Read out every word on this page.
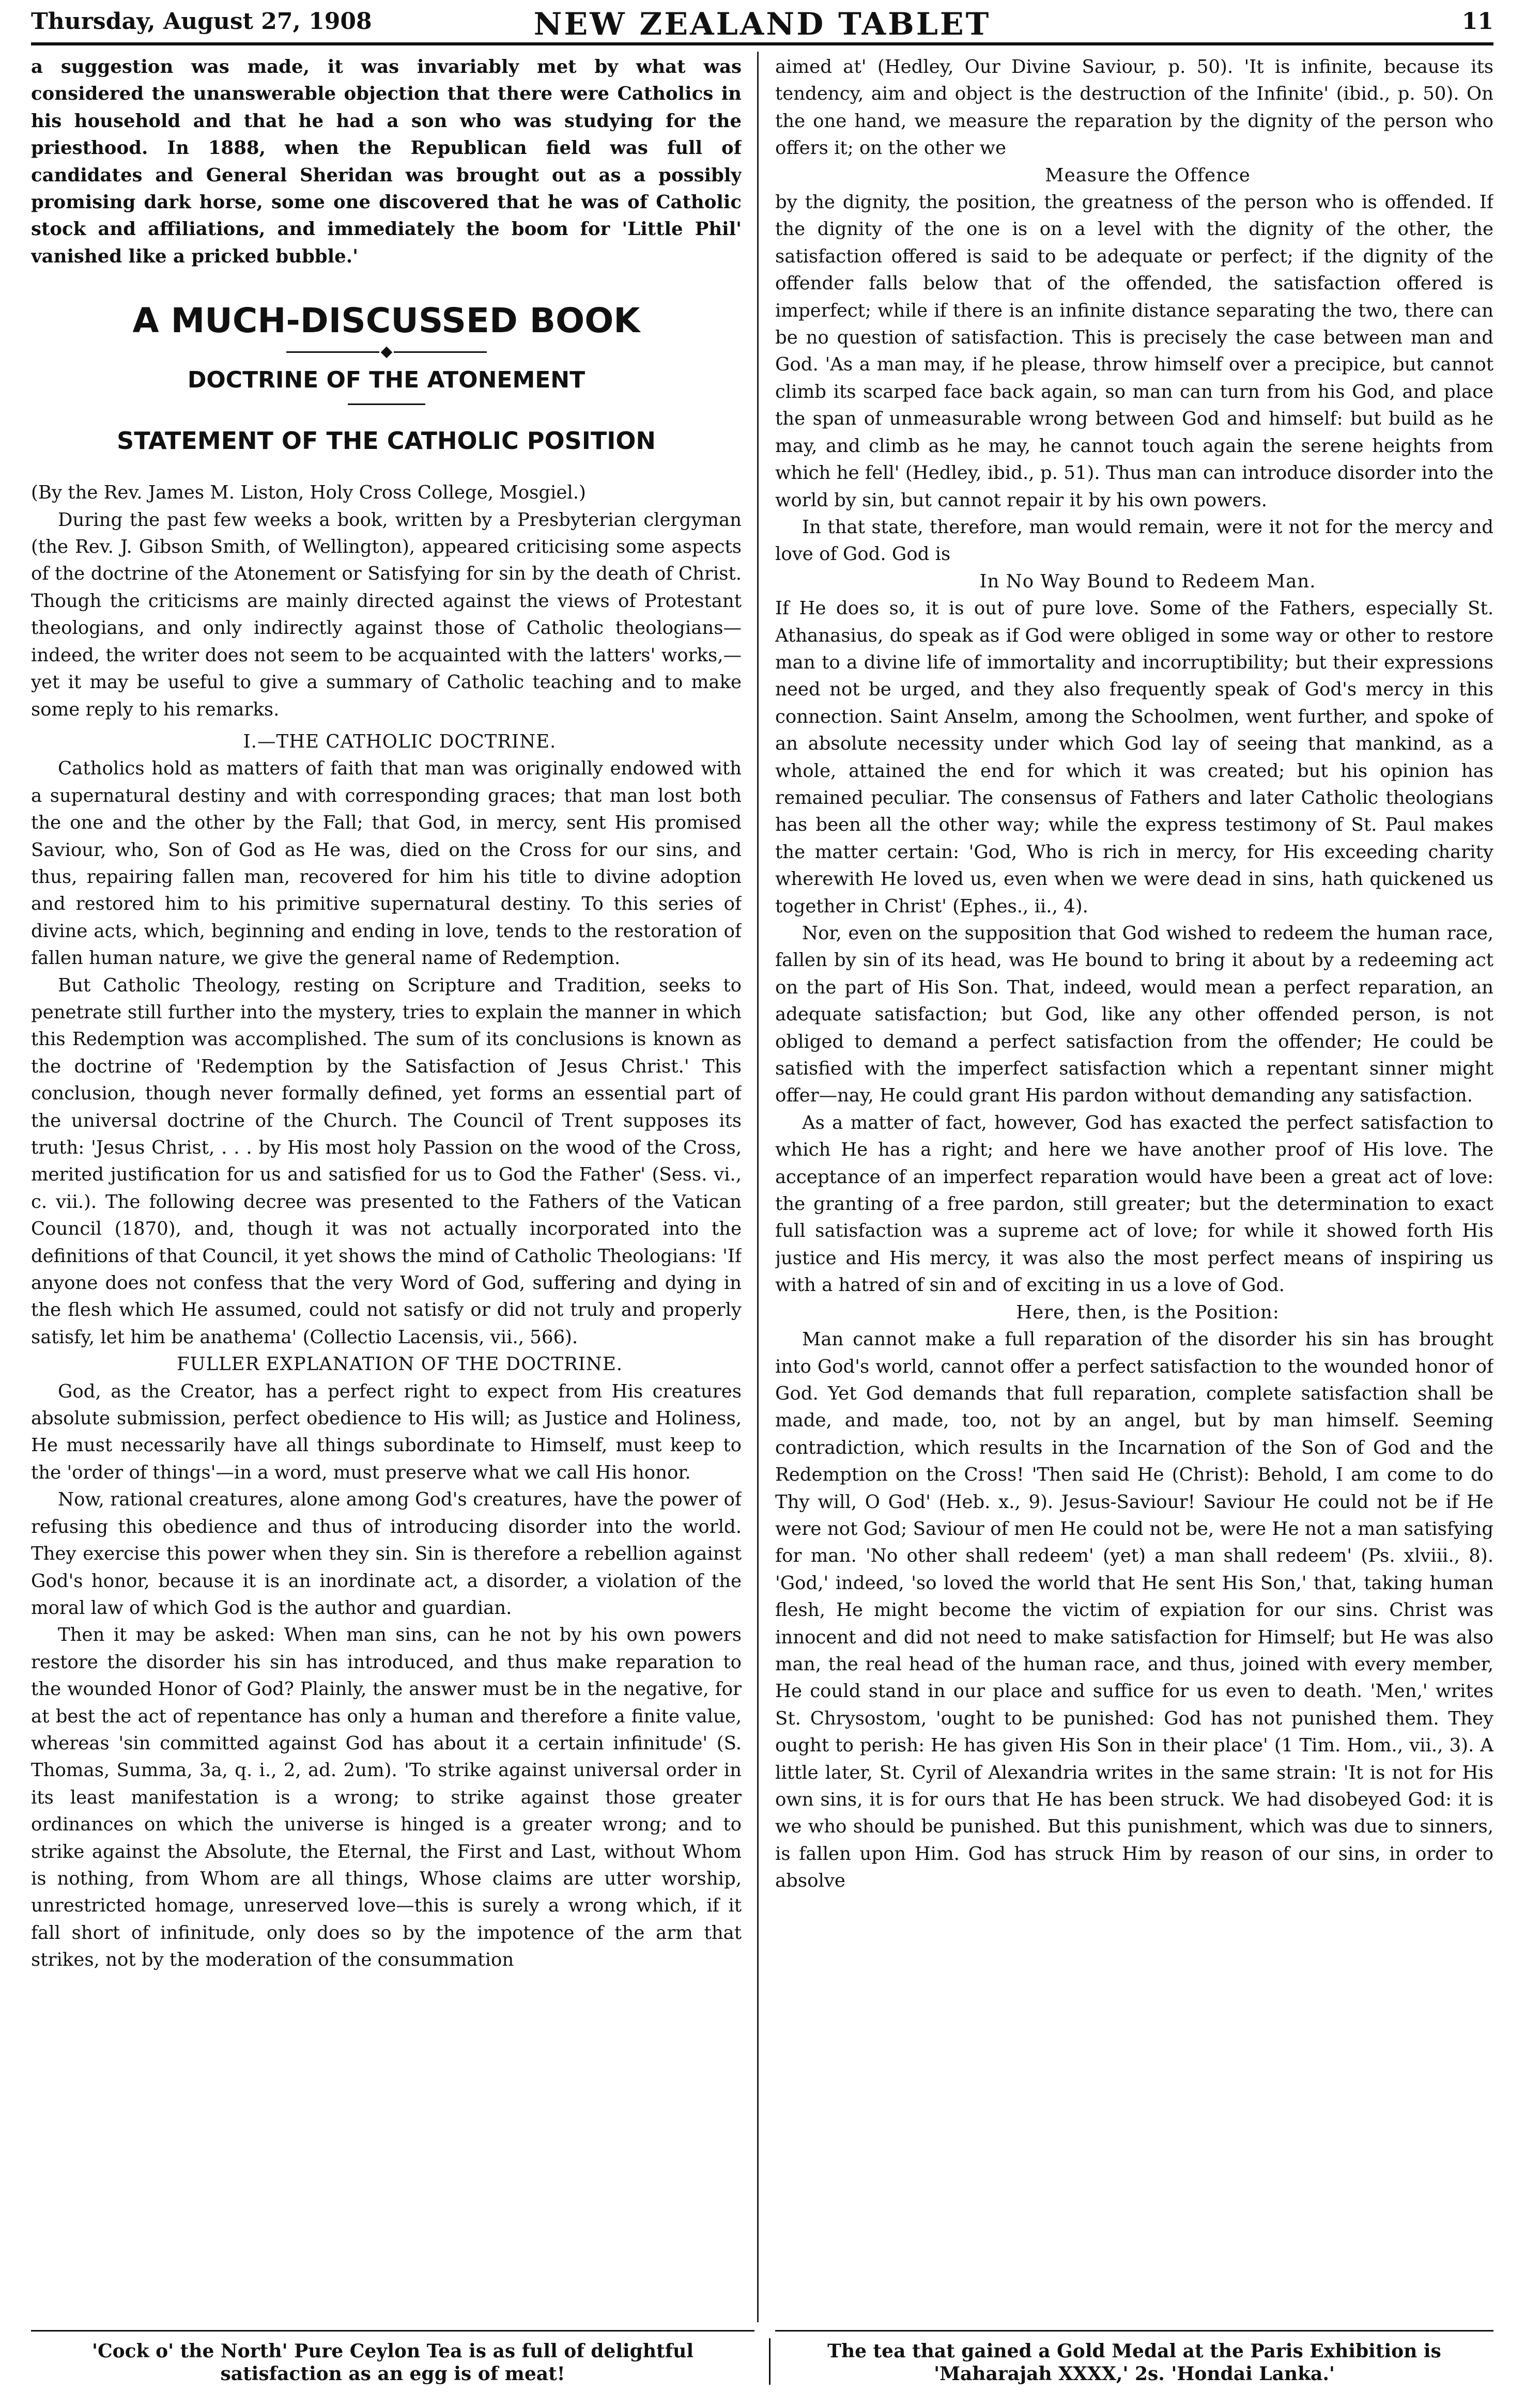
Thursday, August 27, 1908	NEW ZEALAND TABLET	11

a suggestion was made, it was invariably met by what was considered the unanswerable objection that there were Catholics in his household and that he had a son who was studying for the priesthood. In 1888, when the Republican field was full of candidates and General Sheridan was brought out as a possibly promising dark horse, some one discovered that he was of Catholic stock and affiliations, and immediately the boom for 'Little Phil' vanished like a pricked bubble.'

A MUCH-DISCUSSED BOOK
DOCTRINE OF THE ATONEMENT
STATEMENT OF THE CATHOLIC POSITION

(By the Rev. James M. Liston, Holy Cross College, Mosgiel.)

During the past few weeks a book, written by a Presbyterian clergyman (the Rev. J. Gibson Smith, of Wellington), appeared criticising some aspects of the doctrine of the Atonement or Satisfying for sin by the death of Christ. Though the criticisms are mainly directed against the views of Protestant theologians, and only indirectly against those of Catholic theologians—indeed, the writer does not seem to be acquainted with the latters' works,—yet it may be useful to give a summary of Catholic teaching and to make some reply to his remarks.

I.—THE CATHOLIC DOCTRINE.

Catholics hold as matters of faith that man was originally endowed with a supernatural destiny and with corresponding graces; that man lost both the one and the other by the Fall; that God, in mercy, sent His promised Saviour, who, Son of God as He was, died on the Cross for our sins, and thus, repairing fallen man, recovered for him his title to divine adoption and restored him to his primitive supernatural destiny. To this series of divine acts, which, beginning and ending in love, tends to the restoration of fallen human nature, we give the general name of Redemption.

But Catholic Theology, resting on Scripture and Tradition, seeks to penetrate still further into the mystery, tries to explain the manner in which this Redemption was accomplished. The sum of its conclusions is known as the doctrine of 'Redemption by the Satisfaction of Jesus Christ.' This conclusion, though never formally defined, yet forms an essential part of the universal doctrine of the Church. The Council of Trent supposes its truth: 'Jesus Christ, . . . by His most holy Passion on the wood of the Cross, merited justification for us and satisfied for us to God the Father' (Sess. vi., c. vii.). The following decree was presented to the Fathers of the Vatican Council (1870), and, though it was not actually incorporated into the definitions of that Council, it yet shows the mind of Catholic Theologians: 'If anyone does not confess that the very Word of God, suffering and dying in the flesh which He assumed, could not satisfy or did not truly and properly satisfy, let him be anathema' (Collectio Lacensis, vii., 566).

FULLER EXPLANATION OF THE DOCTRINE.

God, as the Creator, has a perfect right to expect from His creatures absolute submission, perfect obedience to His will; as Justice and Holiness, He must necessarily have all things subordinate to Himself, must keep to the 'order of things'—in a word, must preserve what we call His honor.

Now, rational creatures, alone among God's creatures, have the power of refusing this obedience and thus of introducing disorder into the world. They exercise this power when they sin. Sin is therefore a rebellion against God's honor, because it is an inordinate act, a disorder, a violation of the moral law of which God is the author and guardian.

Then it may be asked: When man sins, can he not by his own powers restore the disorder his sin has introduced, and thus make reparation to the wounded Honor of God? Plainly, the answer must be in the negative, for at best the act of repentance has only a human and therefore a finite value, whereas 'sin committed against God has about it a certain infinitude' (S. Thomas, Summa, 3a, q. i., 2, ad. 2um). 'To strike against universal order in its least manifestation is a wrong; to strike against those greater ordinances on which the universe is hinged is a greater wrong; and to strike against the Absolute, the Eternal, the First and Last, without Whom is nothing, from Whom are all things, Whose claims are utter worship, unrestricted homage, unreserved love—this is surely a wrong which, if it fall short of infinitude, only does so by the impotence of the arm that strikes, not by the moderation of the consummation

aimed at' (Hedley, Our Divine Saviour, p. 50). 'It is infinite, because its tendency, aim and object is the destruction of the Infinite' (ibid., p. 50). On the one hand, we measure the reparation by the dignity of the person who offers it; on the other we

Measure the Offence

by the dignity, the position, the greatness of the person who is offended. If the dignity of the one is on a level with the dignity of the other, the satisfaction offered is said to be adequate or perfect; if the dignity of the offender falls below that of the offended, the satisfaction offered is imperfect; while if there is an infinite distance separating the two, there can be no question of satisfaction. This is precisely the case between man and God. 'As a man may, if he please, throw himself over a precipice, but cannot climb its scarped face back again, so man can turn from his God, and place the span of unmeasurable wrong between God and himself: but build as he may, and climb as he may, he cannot touch again the serene heights from which he fell' (Hedley, ibid., p. 51). Thus man can introduce disorder into the world by sin, but cannot repair it by his own powers.

In that state, therefore, man would remain, were it not for the mercy and love of God. God is

In No Way Bound to Redeem Man.

If He does so, it is out of pure love. Some of the Fathers, especially St. Athanasius, do speak as if God were obliged in some way or other to restore man to a divine life of immortality and incorruptibility; but their expressions need not be urged, and they also frequently speak of God's mercy in this connection. Saint Anselm, among the Schoolmen, went further, and spoke of an absolute necessity under which God lay of seeing that mankind, as a whole, attained the end for which it was created; but his opinion has remained peculiar. The consensus of Fathers and later Catholic theologians has been all the other way; while the express testimony of St. Paul makes the matter certain: 'God, Who is rich in mercy, for His exceeding charity wherewith He loved us, even when we were dead in sins, hath quickened us together in Christ' (Ephes., ii., 4).

Nor, even on the supposition that God wished to redeem the human race, fallen by sin of its head, was He bound to bring it about by a redeeming act on the part of His Son. That, indeed, would mean a perfect reparation, an adequate satisfaction; but God, like any other offended person, is not obliged to demand a perfect satisfaction from the offender; He could be satisfied with the imperfect satisfaction which a repentant sinner might offer—nay, He could grant His pardon without demanding any satisfaction.

As a matter of fact, however, God has exacted the perfect satisfaction to which He has a right; and here we have another proof of His love. The acceptance of an imperfect reparation would have been a great act of love: the granting of a free pardon, still greater; but the determination to exact full satisfaction was a supreme act of love; for while it showed forth His justice and His mercy, it was also the most perfect means of inspiring us with a hatred of sin and of exciting in us a love of God.

Here, then, is the Position:

Man cannot make a full reparation of the disorder his sin has brought into God's world, cannot offer a perfect satisfaction to the wounded honor of God. Yet God demands that full reparation, complete satisfaction shall be made, and made, too, not by an angel, but by man himself. Seeming contradiction, which results in the Incarnation of the Son of God and the Redemption on the Cross! 'Then said He (Christ): Behold, I am come to do Thy will, O God' (Heb. x., 9). Jesus-Saviour! Saviour He could not be if He were not God; Saviour of men He could not be, were He not a man satisfying for man. 'No other shall redeem' (yet) a man shall redeem' (Ps. xlviii., 8). 'God,' indeed, 'so loved the world that He sent His Son,' that, taking human flesh, He might become the victim of expiation for our sins. Christ was innocent and did not need to make satisfaction for Himself; but He was also man, the real head of the human race, and thus, joined with every member, He could stand in our place and suffice for us even to death. 'Men,' writes St. Chrysostom, 'ought to be punished: God has not punished them. They ought to perish: He has given His Son in their place' (1 Tim. Hom., vii., 3). A little later, St. Cyril of Alexandria writes in the same strain: 'It is not for His own sins, it is for ours that He has been struck. We had disobeyed God: it is we who should be punished. But this punishment, which was due to sinners, is fallen upon Him. God has struck Him by reason of our sins, in order to absolve

'Cock o' the North' Pure Ceylon Tea is as full of delightful satisfaction as an egg is of meat!
The tea that gained a Gold Medal at the Paris Exhibition is 'Maharajah XXXX,' 2s. 'Hondai Lanka.'
